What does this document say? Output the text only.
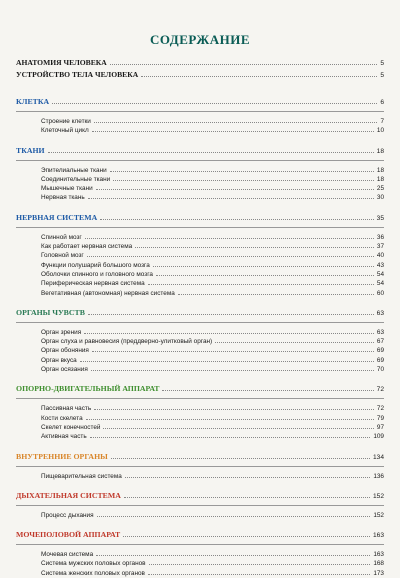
СОДЕРЖАНИЕ
АНАТОМИЯ ЧЕЛОВЕКА	5
УСТРОЙСТВО ТЕЛА ЧЕЛОВЕКА	5
КЛЕТКА	6
Строение клетки	7
Клеточный цикл	10
ТКАНИ	18
Эпителиальные ткани	18
Соединительные ткани	18
Мышечные ткани	25
Нервная ткань	30
НЕРВНАЯ СИСТЕМА	35
Спинной мозг	36
Как работает нервная система	37
Головной мозг	40
Функции полушарий большого мозга	43
Оболочки спинного и головного мозга	54
Периферическая нервная система	54
Вегетативная (автономная) нервная система	60
ОРГАНЫ ЧУВСТВ	63
Орган зрения	63
Орган слуха и равновесия (преддверно-улитковый орган)	67
Орган обоняния	69
Орган вкуса	69
Орган осязания	70
ОПОРНО-ДВИГАТЕЛЬНЫЙ АППАРАТ	72
Пассивная часть	72
Кости скелета	79
Скелет конечностей	97
Активная часть	109
ВНУТРЕННИЕ ОРГАНЫ	134
Пищеварительная система	136
ДЫХАТЕЛЬНАЯ СИСТЕМА	152
Процесс дыхания	152
МОЧЕПОЛОВОЙ АППАРАТ	163
Мочевая система	163
Система мужских половых органов	168
Система женских половых органов	173
